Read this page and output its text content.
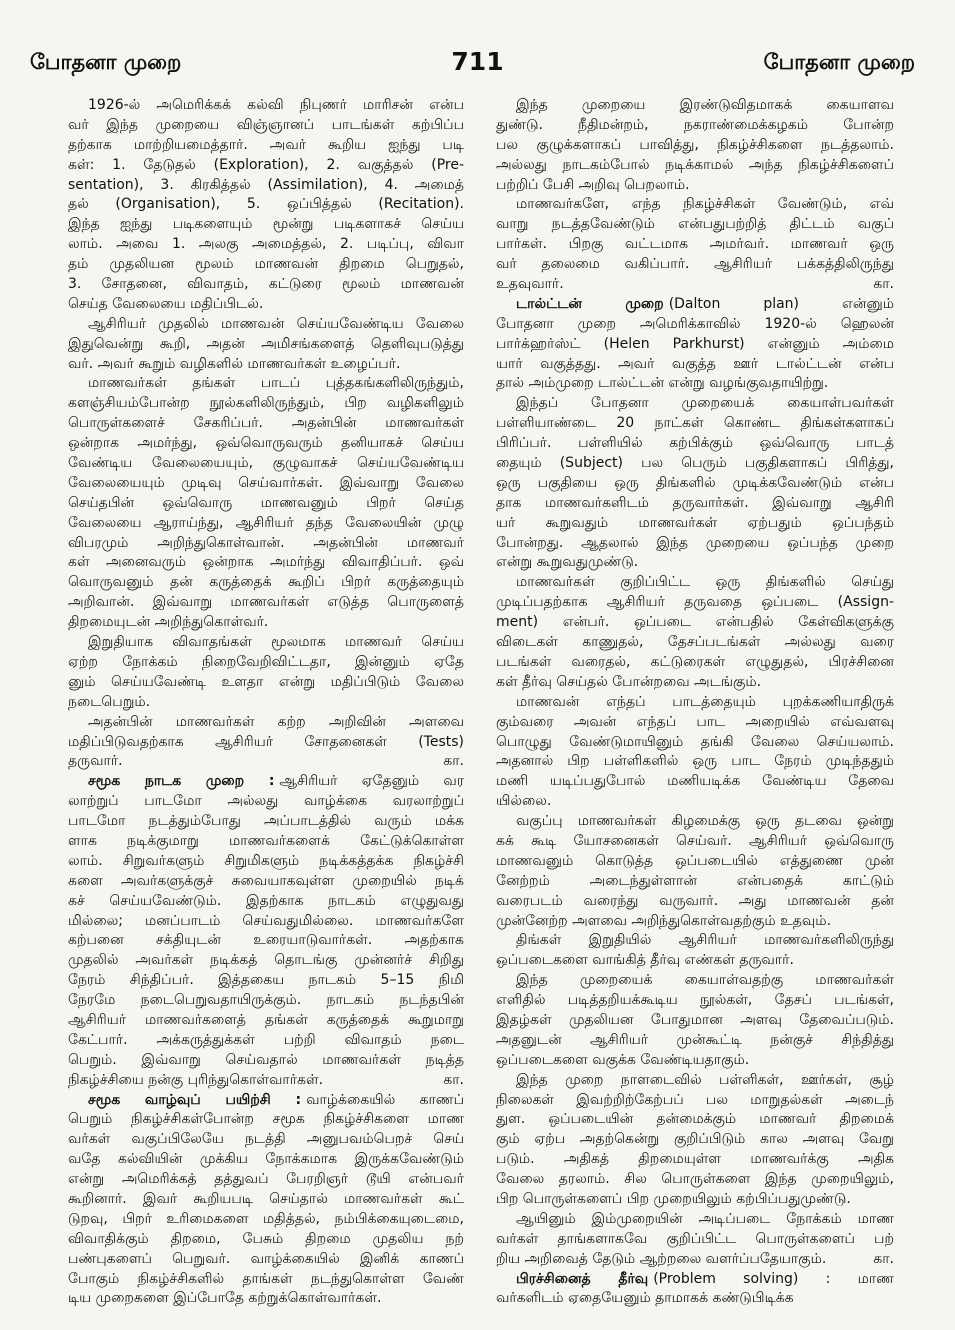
711
போதனா முறை	போதனா முறை
1926-ல் அமெரிக்கக் கல்வி நிபுணர் மாரிசன் என்ப
வர் இந்த முறையை விஞ்ஞானப் பாடங்கள் கற்பிப்ப
தற்காக மாற்றியமைத்தார். அவர் கூறிய ஐந்து படி
கள்: 1. தேடுதல் (Exploration), 2. வகுத்தல் (Pre-
sentation), 3. கிரகித்தல் (Assimilation), 4. அமைத்
தல் (Organisation), 5. ஒப்பித்தல் (Recitation).
இந்த ஐந்து படிகளையும் மூன்று படிகளாகச் செய்ய
லாம். அவை 1. அலகு அமைத்தல், 2. படிப்பு, விவா
தம் முதலியன மூலம் மாணவன் திறமை பெறுதல்,
3. சோதனை, விவாதம், கட்டுரை மூலம் மாணவன்
செய்த வேலையை மதிப்பிடல்.
ஆசிரியர் முதலில் மாணவன் செய்யவேண்டிய வேலை
இதுவென்று கூறி, அதன் அமிசங்களைத் தெளிவுபடுத்து
வர். அவர் கூறும் வழிகளில் மாணவர்கள் உழைப்பர்.
மாணவர்கள் தங்கள் பாடப் புத்தகங்களிலிருந்தும்,
களஞ்சியம்போன்ற நூல்களிலிருந்தும், பிற வழிகளிலும்
பொருள்களைச் சேகரிப்பர். அதன்பின் மாணவர்கள்
ஒன்றாக அமர்ந்து, ஒவ்வொருவரும் தனியாகச் செய்ய
வேண்டிய வேலையையும், குழுவாகச் செய்யவேண்டிய
வேலையையும் முடிவு செய்வார்கள். இவ்வாறு வேலை
செய்தபின் ஒவ்வொரு மாணவனும் பிறர் செய்த
வேலையை ஆராய்ந்து, ஆசிரியர் தந்த வேலையின் முழு
விபரமும் அறிந்துகொள்வான். அதன்பின் மாணவர்
கள் அனைவரும் ஒன்றாக அமர்ந்து விவாதிப்பர். ஒவ்
வொருவனும் தன் கருத்தைக் கூறிப் பிறர் கருத்தையும்
அறிவான். இவ்வாறு மாணவர்கள் எடுத்த பொருளைத்
திறமையுடன் அறிந்துகொள்வர்.
இறுதியாக விவாதங்கள் மூலமாக மாணவர் செய்ய
ஏற்ற நோக்கம் நிறைவேறிவிட்டதா, இன்னும் ஏதே
னும் செய்யவேண்டி உளதா என்று மதிப்பிடும் வேலை
நடைபெறும்.
அதன்பின் மாணவர்கள் கற்ற அறிவின் அளவை
மதிப்பிடுவதற்காக ஆசிரியர் சோதனைகள் (Tests)
கா.
தருவார்.
சமூக நாடக முறை : ஆசிரியர் ஏதேனும் வர
லாற்றுப் பாடமோ அல்லது வாழ்க்கை வரலாற்றுப்
பாடமோ நடத்தும்போது அப்பாடத்தில் வரும் மக்க
ளாக நடிக்குமாறு மாணவர்களைக் கேட்டுக்கொள்ள
லாம். சிறுவர்களும் சிறுமிகளும் நடிக்கத்தக்க நிகழ்ச்சி
களை அவர்களுக்குச் சுவையாகவுள்ள முறையில் நடிக்
கச் செய்யவேண்டும். இதற்காக நாடகம் எழுதுவது
மில்லை; மனப்பாடம் செய்வதுமில்லை. மாணவர்களே
கற்பனை சக்தியுடன் உரையாடுவார்கள். அதற்காக
முதலில் அவர்கள் நடிக்கத் தொடங்கு முன்னர்ச் சிறிது
நேரம் சிந்திப்பர். இத்தகைய நாடகம் 5–15 நிமி
நேரமே நடைபெறுவதாயிருக்கும். நாடகம் நடந்தபின்
ஆசிரியர் மாணவர்களைத் தங்கள் கருத்தைக் கூறுமாறு
கேட்பார். அக்கருத்துக்கள் பற்றி விவாதம் நடை
பெறும். இவ்வாறு செய்வதால் மாணவர்கள் நடித்த
கா.
நிகழ்ச்சியை நன்கு புரிந்துகொள்வார்கள்.
சமூக வாழ்வுப் பயிற்சி : வாழ்க்கையில் காணப்
பெறும் நிகழ்ச்சிகள்போன்ற சமூக நிகழ்ச்சிகளை மாண
வர்கள் வகுப்பிலேயே நடத்தி அனுபவம்பெறச் செய்
வதே கல்வியின் முக்கிய நோக்கமாக இருக்கவேண்டும்
என்று அமெரிக்கத் தத்துவப் பேரறிஞர் டூயி என்பவர்
கூறினார். இவர் கூறியபடி செய்தால் மாணவர்கள் கூட்
டுறவு, பிறர் உரிமைகளை மதித்தல், நம்பிக்கையுடைமை,
விவாதிக்கும் திறமை, பேசும் திறமை முதலிய நற்
பண்புகளைப் பெறுவர். வாழ்க்கையில் இனிக் காணப்
போகும் நிகழ்ச்சிகளில் தாங்கள் நடந்துகொள்ள வேண்
டிய முறைகளை இப்போதே கற்றுக்கொள்வார்கள்.
இந்த முறையை இரண்டுவிதமாகக் கையாளவ
துண்டு. நீதிமன்றம், நகராண்மைக்கழகம் போன்ற
பல குழுக்களாகப் பாவித்து, நிகழ்ச்சிகளை நடத்தலாம்.
அல்லது நாடகம்போல் நடிக்காமல் அந்த நிகழ்ச்சிகளைப்
பற்றிப் பேசி அறிவு பெறலாம்.
மாணவர்களே, எந்த நிகழ்ச்சிகள் வேண்டும், எவ்
வாறு நடத்தவேண்டும் என்பதுபற்றித் திட்டம் வகுப்
பார்கள். பிறகு வட்டமாக அமர்வர். மாணவர் ஒரு
வர் தலைமை வகிப்பார். ஆசிரியர் பக்கத்திலிருந்து
கா.
உதவுவார்.
டால்ட்டன் முறை (Dalton plan) என்னும்
போதனா முறை அமெரிக்காவில் 1920-ல் ஹெலன்
பார்க்ஹர்ஸ்ட் (Helen Parkhurst) என்னும் அம்மை
யார் வகுத்தது. அவர் வகுத்த ஊர் டால்ட்டன் என்ப
தால் அம்முறை டால்ட்டன் என்று வழங்குவதாயிற்று.
இந்தப் போதனா முறையைக் கையாள்பவர்கள்
பள்ளியாண்டை 20 நாட்கள் கொண்ட திங்கள்களாகப்
பிரிப்பர். பள்ளியில் கற்பிக்கும் ஒவ்வொரு பாடத்
தையும் (Subject) பல பெரும் பகுதிகளாகப் பிரித்து,
ஒரு பகுதியை ஒரு திங்களில் முடிக்கவேண்டும் என்ப
தாக மாணவர்களிடம் தருவார்கள். இவ்வாறு ஆசிரி
யர் கூறுவதும் மாணவர்கள் ஏற்பதும் ஒப்பந்தம்
போன்றது. ஆதலால் இந்த முறையை ஒப்பந்த முறை
என்று கூறுவதுமுண்டு.
மாணவர்கள் குறிப்பிட்ட ஒரு திங்களில் செய்து
முடிப்பதற்காக ஆசிரியர் தருவதை ஒப்படை (Assign-
ment) என்பர். ஒப்படை என்பதில் கேள்விகளுக்கு
விடைகள் காணுதல், தேசப்படங்கள் அல்லது வரை
படங்கள் வரைதல், கட்டுரைகள் எழுதுதல், பிரச்சினை
கள் தீர்வு செய்தல் போன்றவை அடங்கும்.
மாணவன் எந்தப் பாடத்தையும் புறக்கணியாதிருக்
கும்வரை அவன் எந்தப் பாட அறையில் எவ்வளவு
பொழுது வேண்டுமாயினும் தங்கி வேலை செய்யலாம்.
அதனால் பிற பள்ளிகளில் ஒரு பாட நேரம் முடிந்ததும்
மணி யடிப்பதுபோல் மணியடிக்க வேண்டிய தேவை
யில்லை.
வகுப்பு மாணவர்கள் கிழமைக்கு ஒரு தடவை ஒன்று
கக் கூடி யோசனைகள் செய்வர். ஆசிரியர் ஒவ்வொரு
மாணவனும் கொடுத்த ஒப்படையில் எத்துணை முன்
னேற்றம் அடைந்துள்ளான் என்பதைக் காட்டும்
வரைபடம் வரைந்து வருவார். அது மாணவன் தன்
முன்னேற்ற அளவை அறிந்துகொள்வதற்கும் உதவும்.
திங்கள் இறுதியில் ஆசிரியர் மாணவர்களிலிருந்து
ஒப்படைகளை வாங்கித் தீர்வு எண்கள் தருவார்.
இந்த முறையைக் கையாள்வதற்கு மாணவர்கள்
எளிதில் படித்தறியக்கூடிய நூல்கள், தேசப் படங்கள்,
இதழ்கள் முதலியன போதுமான அளவு தேவைப்படும்.
அதனுடன் ஆசிரியர் முன்கூட்டி நன்குச் சிந்தித்து
ஒப்படைகளை வகுக்க வேண்டியதாகும்.
இந்த முறை நாளடைவில் பள்ளிகள், ஊர்கள், சூழ்
நிலைகள் இவற்றிற்கேற்பப் பல மாறுதல்கள் அடைந்
துள. ஒப்படையின் தன்மைக்கும் மாணவர் திறமைக்
கும் ஏற்ப அதற்கென்று குறிப்பிடும் கால அளவு வேறு
படும். அதிகத் திறமையுள்ள மாணவர்க்கு அதிக
வேலை தரலாம். சில பொருள்களை இந்த முறையிலும்,
பிற பொருள்களைப் பிற முறையிலும் கற்பிப்பதுமுண்டு.
ஆயினும் இம்முறையின் அடிப்படை நோக்கம் மாண
வர்கள் தாங்களாகவே குறிப்பிட்ட பொருள்களைப் பற்
கா.
றிய அறிவைத் தேடும் ஆற்றலை வளர்ப்பதேயாகும்.
பிரச்சினைத் தீர்வு (Problem solving) : மாண
வர்களிடம் ஏதையேனும் தாமாகக் கண்டுபிடிக்க
